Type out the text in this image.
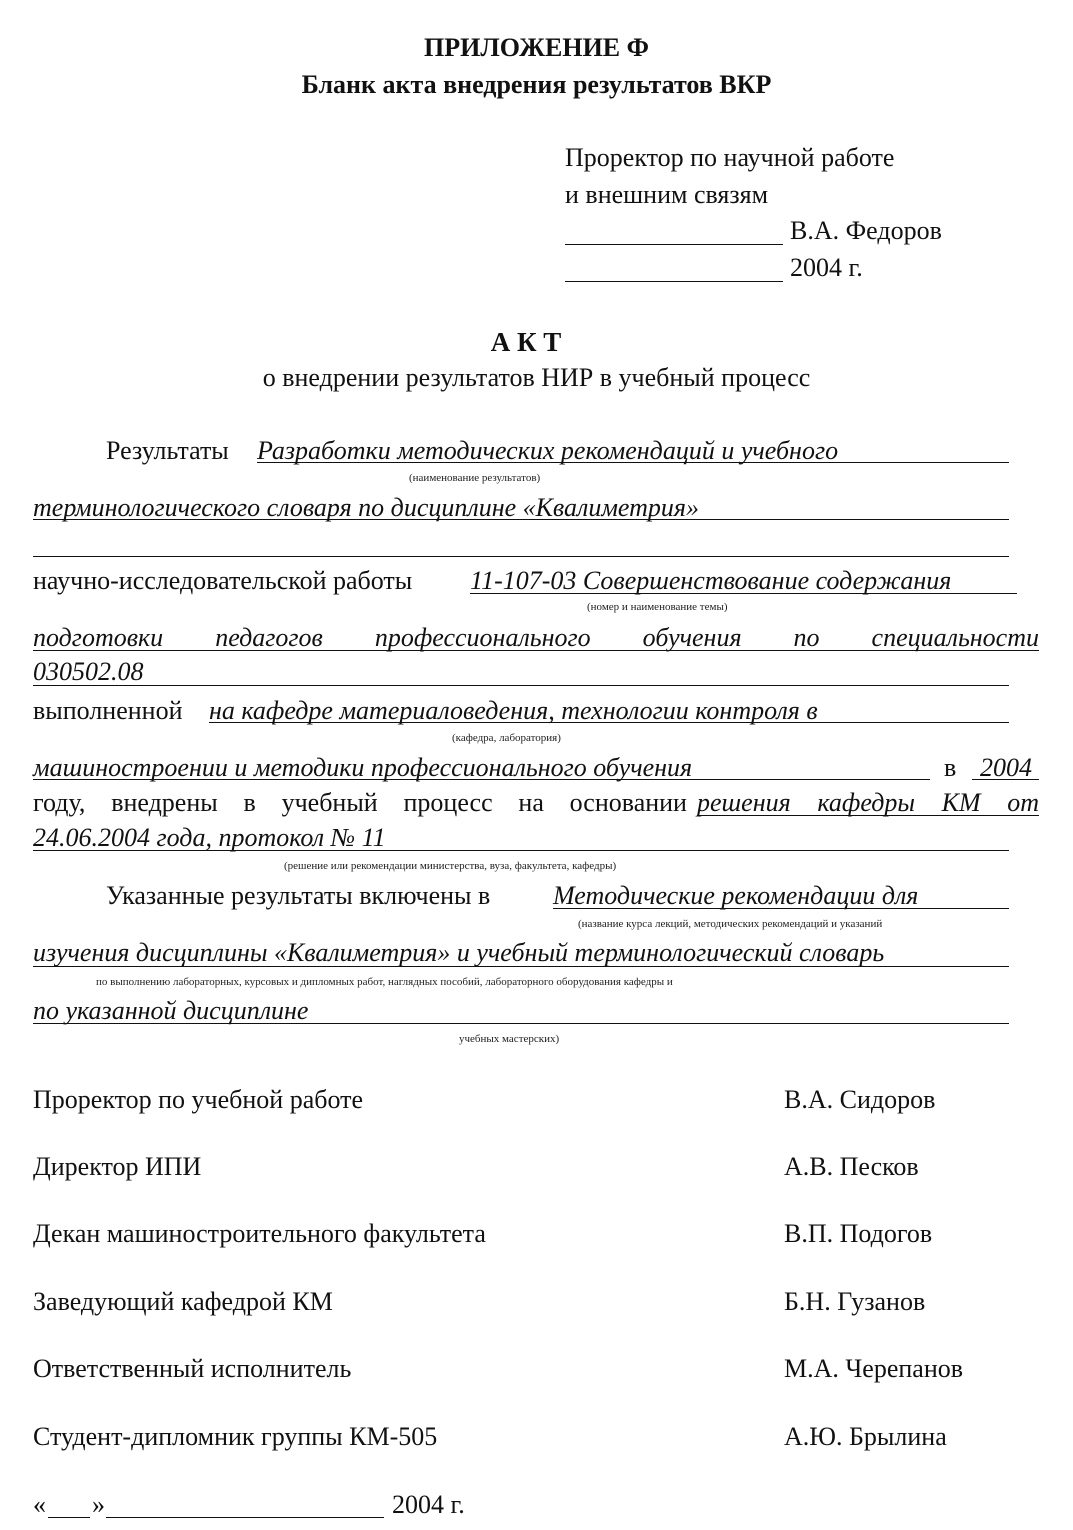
ПРИЛОЖЕНИЕ Ф
Бланк акта внедрения результатов ВКР
Проректор по научной работе
и внешним связям
В.А. Федоров
2004 г.
А К Т
о внедрении результатов НИР в учебный процесс
Результаты Разработки методических рекомендаций и учебного
(наименование результатов)
терминологического словаря по дисциплине «Квалиметрия»
научно-исследовательской работы 11-107-03 Совершенствование содержания
(номер и наименование темы)
подготовки педагогов профессионального обучения по специальности
030502.08
выполненной на кафедре материаловедения, технологии контроля в
(кафедра, лаборатория)
машиностроении и методики профессионального обучения	в 2004
году, внедрены в учебный процесс на основании решения кафедры КМ от
24.06.2004 года, протокол № 11
(решение или рекомендации министерства, вуза, факультета, кафедры)
Указанные результаты включены в Методические рекомендации для
(название курса лекций, методических рекомендаций и указаний
изучения дисциплины «Квалиметрия» и учебный терминологический словарь
по выполнению лабораторных, курсовых и дипломных работ, наглядных пособий, лабораторного оборудования кафедры и
по указанной дисциплине
учебных мастерских)
Проректор по учебной работе	В.А. Сидоров
Директор ИПИ	А.В. Песков
Декан машиностроительного факультета	В.П. Подогов
Заведующий кафедрой КМ	Б.Н. Гузанов
Ответственный исполнитель	М.А. Черепанов
Студент-дипломник группы КМ-505	А.Ю. Брылина
« »	2004 г.
